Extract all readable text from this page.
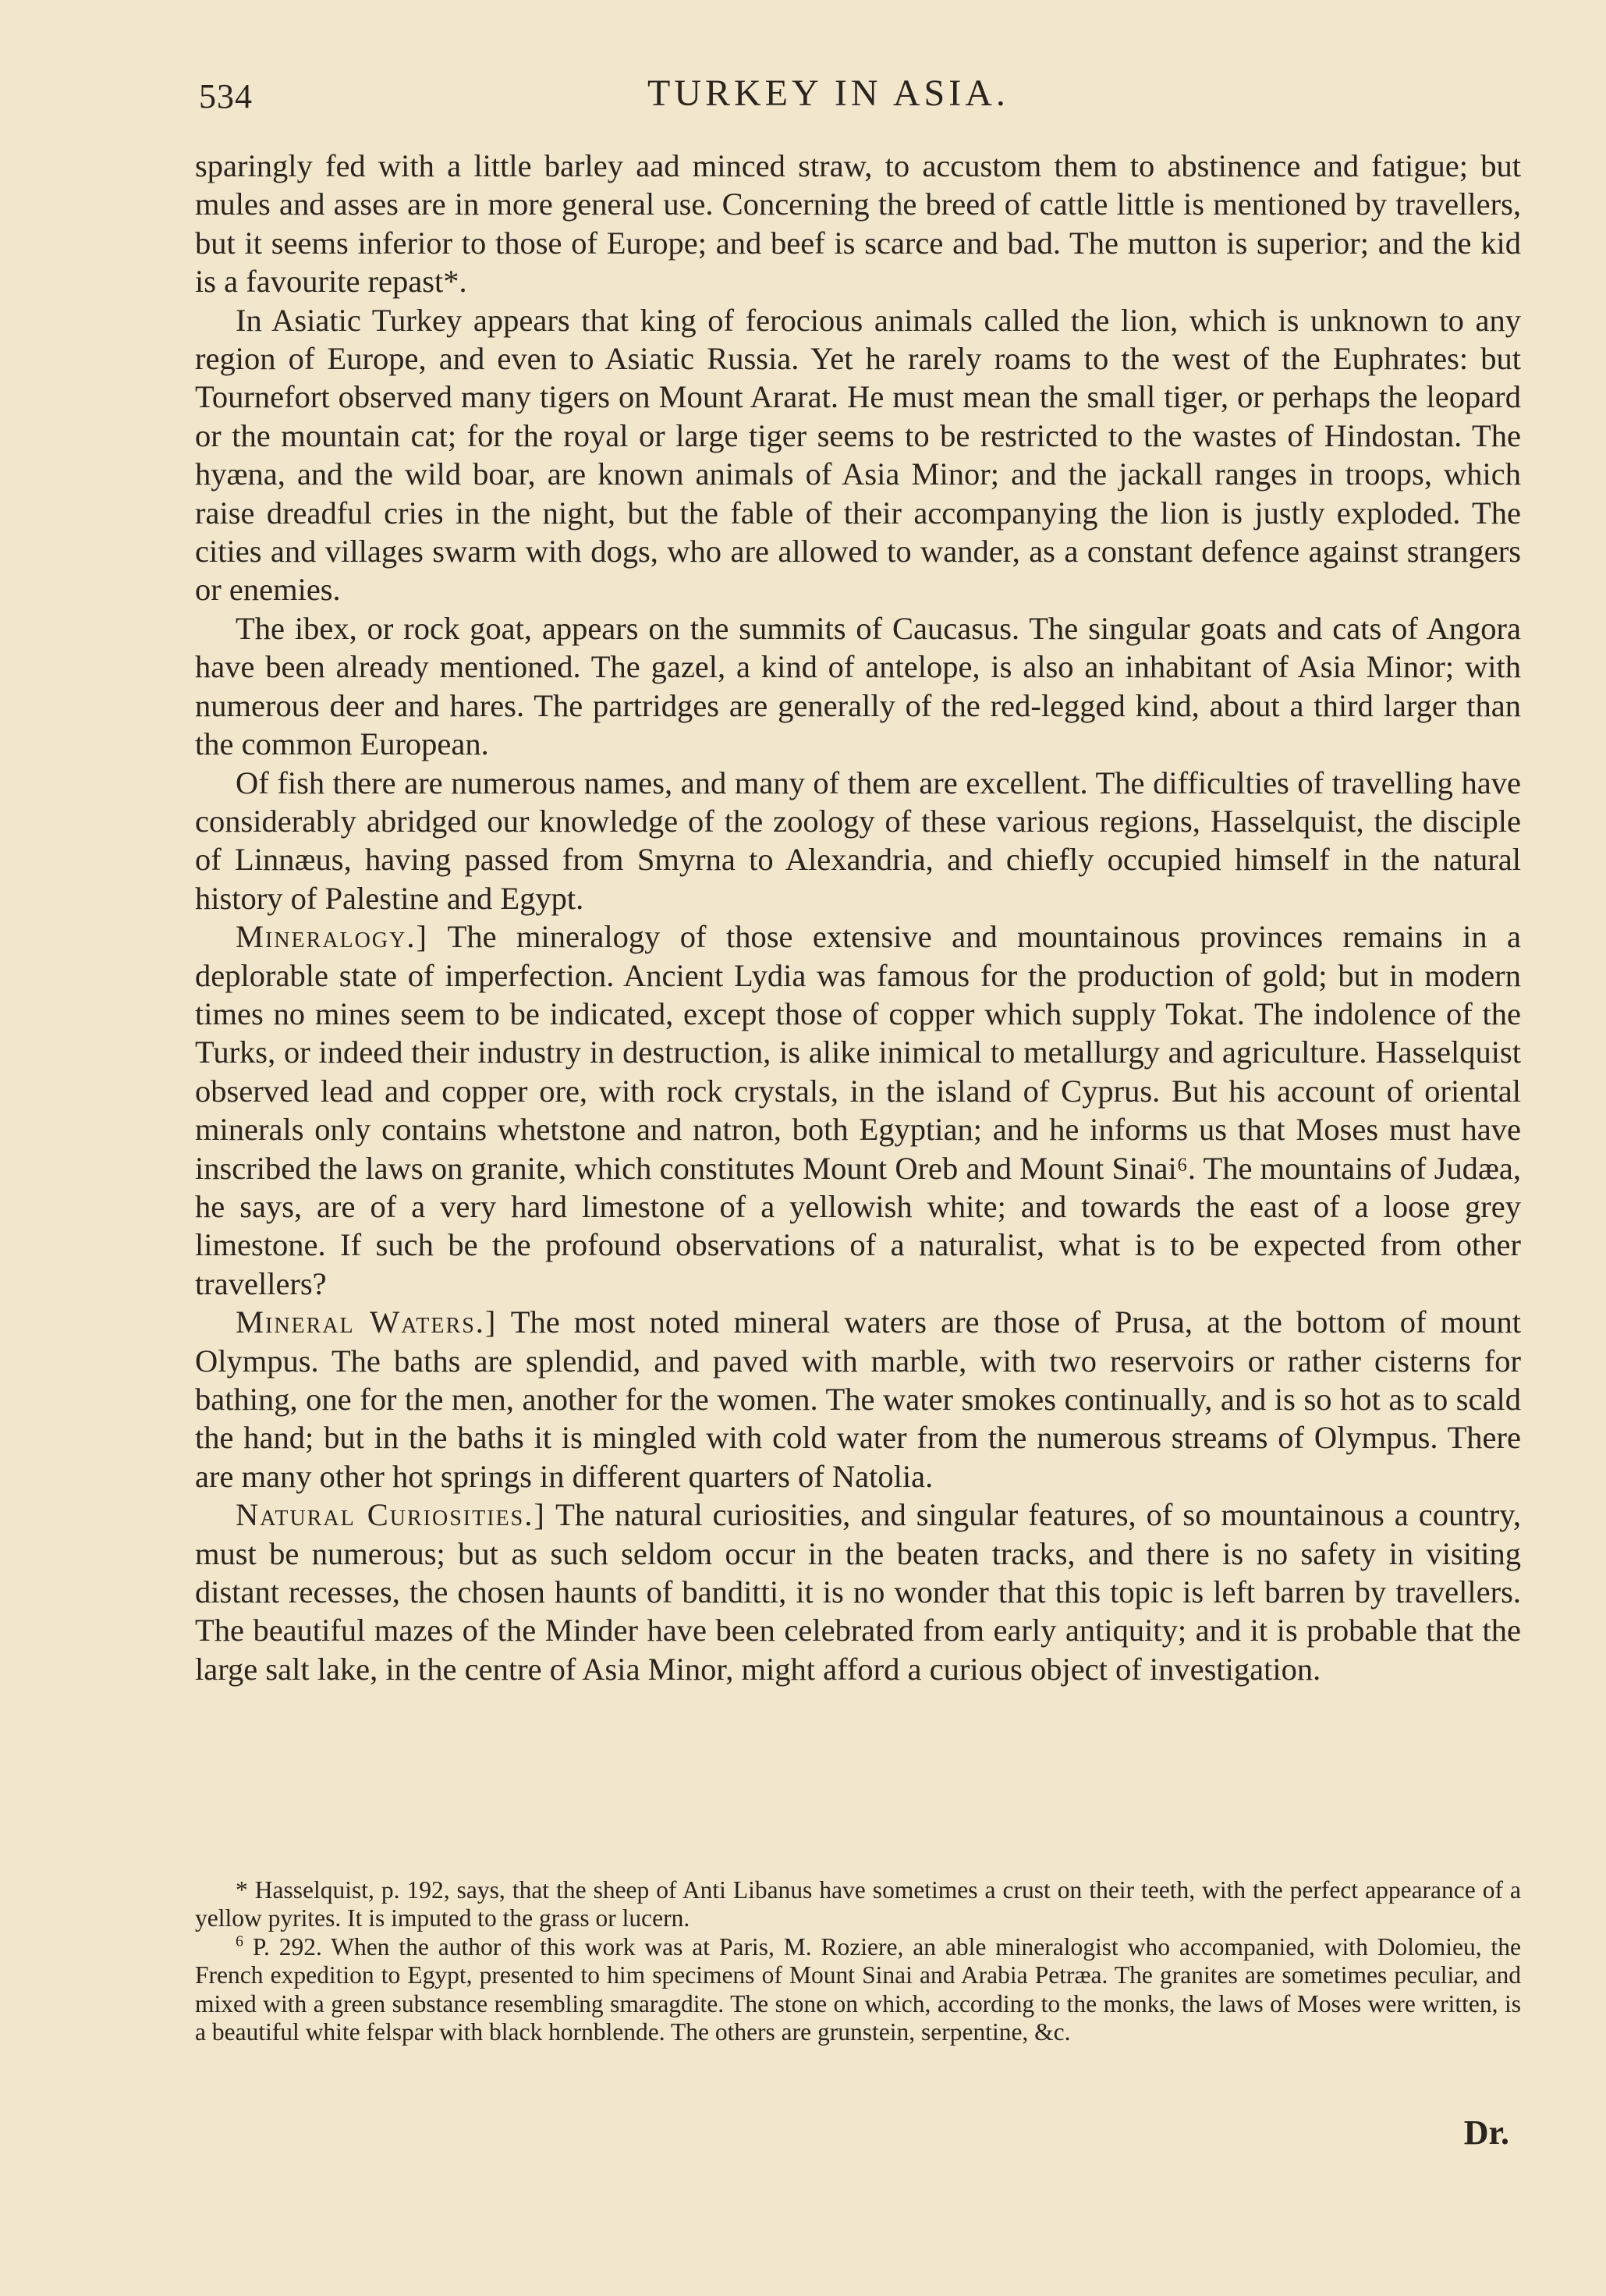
534	TURKEY IN ASIA.

sparingly fed with a little barley aad minced straw, to accustom them to abstinence and fatigue; but mules and asses are in more general use. Concerning the breed of cattle little is mentioned by travellers, but it seems inferior to those of Europe; and beef is scarce and bad. The mutton is superior; and the kid is a favourite repast*.

In Asiatic Turkey appears that king of ferocious animals called the lion, which is unknown to any region of Europe, and even to Asiatic Russia. Yet he rarely roams to the west of the Euphrates: but Tournefort observed many tigers on Mount Ararat. He must mean the small tiger, or perhaps the leopard or the mountain cat; for the royal or large tiger seems to be restricted to the wastes of Hindostan. The hyæna, and the wild boar, are known animals of Asia Minor; and the jackall ranges in troops, which raise dreadful cries in the night, but the fable of their accompanying the lion is justly exploded. The cities and villages swarm with dogs, who are allowed to wander, as a constant defence against strangers or enemies.

The ibex, or rock goat, appears on the summits of Caucasus. The singular goats and cats of Angora have been already mentioned. The gazel, a kind of antelope, is also an inhabitant of Asia Minor; with numerous deer and hares. The partridges are generally of the red-legged kind, about a third larger than the common European.

Of fish there are numerous names, and many of them are excellent. The difficulties of travelling have considerably abridged our knowledge of the zoology of these various regions, Hasselquist, the disciple of Linnæus, having passed from Smyrna to Alexandria, and chiefly occupied himself in the natural history of Palestine and Egypt.

Mineralogy.] The mineralogy of those extensive and mountainous provinces remains in a deplorable state of imperfection. Ancient Lydia was famous for the production of gold; but in modern times no mines seem to be indicated, except those of copper which supply Tokat. The indolence of the Turks, or indeed their industry in destruction, is alike inimical to metallurgy and agriculture. Hasselquist observed lead and copper ore, with rock crystals, in the island of Cyprus. But his account of oriental minerals only contains whetstone and natron, both Egyptian; and he informs us that Moses must have inscribed the laws on granite, which constitutes Mount Oreb and Mount Sinai⁶. The mountains of Judæa, he says, are of a very hard limestone of a yellowish white; and towards the east of a loose grey limestone. If such be the profound observations of a naturalist, what is to be expected from other travellers?

Mineral Waters.] The most noted mineral waters are those of Prusa, at the bottom of mount Olympus. The baths are splendid, and paved with marble, with two reservoirs or rather cisterns for bathing, one for the men, another for the women. The water smokes continually, and is so hot as to scald the hand; but in the baths it is mingled with cold water from the numerous streams of Olympus. There are many other hot springs in different quarters of Natolia.

Natural Curiosities.] The natural curiosities, and singular features, of so mountainous a country, must be numerous; but as such seldom occur in the beaten tracks, and there is no safety in visiting distant recesses, the chosen haunts of banditti, it is no wonder that this topic is left barren by travellers. The beautiful mazes of the Minder have been celebrated from early antiquity; and it is probable that the large salt lake, in the centre of Asia Minor, might afford a curious object of investigation.

* Hasselquist, p. 192, says, that the sheep of Anti Libanus have sometimes a crust on their teeth, with the perfect appearance of a yellow pyrites. It is imputed to the grass or lucern.

$^6$ P. 292. When the author of this work was at Paris, M. Roziere, an able mineralogist who accompanied, with Dolomieu, the French expedition to Egypt, presented to him specimens of Mount Sinai and Arabia Petræa. The granites are sometimes peculiar, and mixed with a green substance resembling smaragdite. The stone on which, according to the monks, the laws of Moses were written, is a beautiful white felspar with black hornblende. The others are grunstein, serpentine, &c.

Dr.
